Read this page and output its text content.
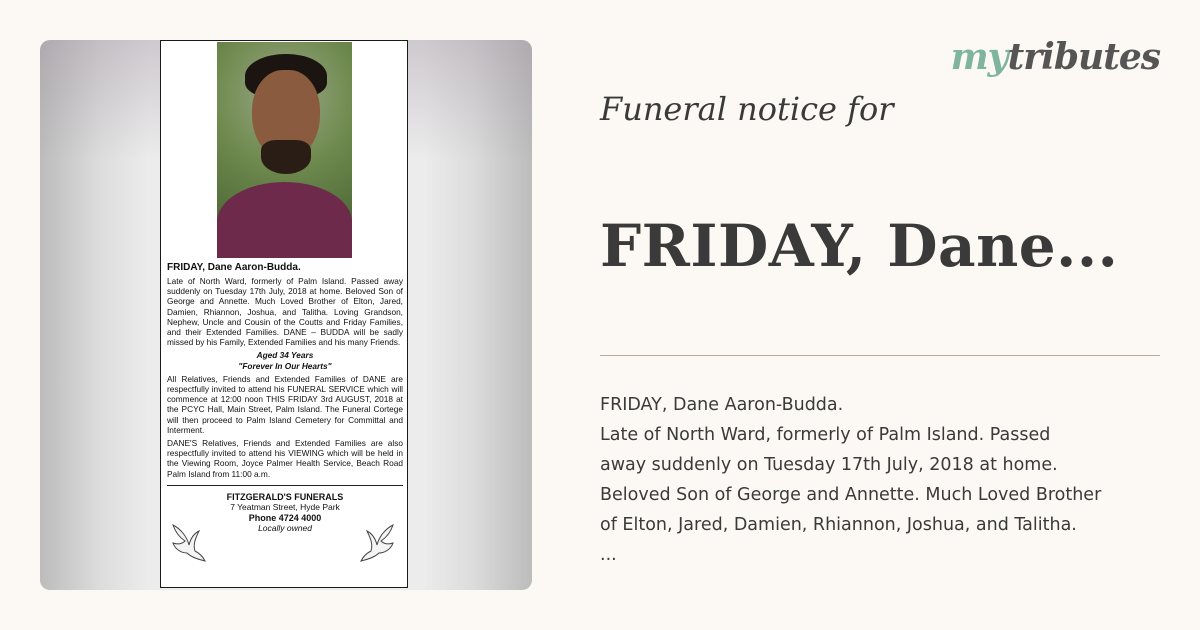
FRIDAY, Dane Aaron-Budda.
Late of North Ward, formerly of Palm Island. Passed away suddenly on Tuesday 17th July, 2018 at home. Beloved Son of George and Annette. Much Loved Brother of Elton, Jared, Damien, Rhiannon, Joshua, and Talitha. Loving Grandson, Nephew, Uncle and Cousin of the Coutts and Friday Families, and their Extended Families. DANE – BUDDA will be sadly missed by his Family, Extended Families and his many Friends.
Aged 34 Years
"Forever In Our Hearts"
All Relatives, Friends and Extended Families of DANE are respectfully invited to attend his FUNERAL SERVICE which will commence at 12:00 noon THIS FRIDAY 3rd AUGUST, 2018 at the PCYC Hall, Main Street, Palm Island. The Funeral Cortege will then proceed to Palm Island Cemetery for Committal and Interment.
DANE'S Relatives, Friends and Extended Families are also respectfully invited to attend his VIEWING which will be held in the Viewing Room, Joyce Palmer Health Service, Beach Road Palm Island from 11:00 a.m.
FITZGERALD'S FUNERALS
7 Yeatman Street, Hyde Park
Phone 4724 4000
Locally owned
mytributes
Funeral notice for
FRIDAY, Dane...
FRIDAY, Dane Aaron-Budda.
Late of North Ward, formerly of Palm Island. Passed
away suddenly on Tuesday 17th July, 2018 at home.
Beloved Son of George and Annette. Much Loved Brother
of Elton, Jared, Damien, Rhiannon, Joshua, and Talitha.
...
